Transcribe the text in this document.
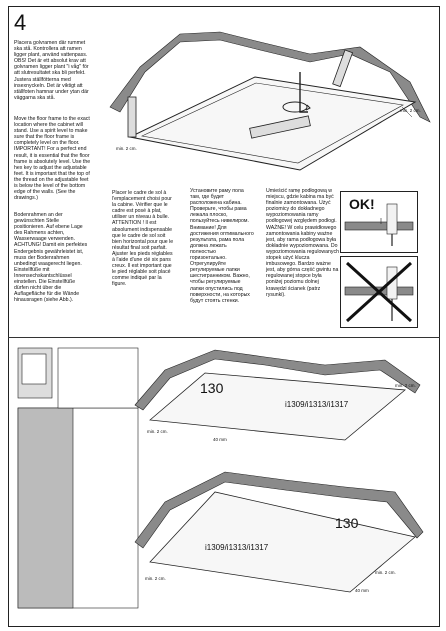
4
Placera golvramen där rummet
ska stå. Kontrollera att ramen
ligger plant, använd vattenpass.
OBS! Det är ett absolut krav att
golvramen ligger plant "i våg" för
att slutresultatet ska bli perfekt.
Justera ställfötterna med
insexnyckeln. Det är viktigt att
ställfoten hamnar under ytan där
väggarna ska stå.
Move the floor frame to the exact
location where the cabinet will
stand. Use a spirit level to make
sure that the floor frame is
completely level on the floor.
IMPORTANT! For a perfect end
result, it is essential that the floor
frame is absolutely level. Use the
hex key to adjust the adjustable
feet. It is important that the top of
the thread on the adjustable feet
is below the level of the bottom
edge of the walls. (See the
drawings.)
Bodenrahmen an der
gewünschten Stelle
positionieren. Auf ebene Lage
des Rahmens achten,
Wasserwaage verwenden.
ACHTUNG! Damit ein perfektes
Endergebnis gewährleistet ist,
muss der Bodenrahmen
unbedingt waagerecht liegen.
Einstellfüße mit
Innensechskantschlüssel
einstellen. Die Einstellfüße
dürfen nicht über die
Auflagefläche für die Wände
hinausragen (siehe Abb.).
Placer le cadre de sol à
l'emplacement choisi pour
la cabine. Vérifier que le
cadre est posé à plat,
utiliser un niveau à bulle.
ATTENTION ! Il est
absolument indispensable
que le cadre de sol soit
bien horizontal pour que le
résultat final soit parfait.
Ajuster les pieds réglables
à l'aide d'une clé six pans
creux. Il est important que
le pied réglable soit placé
comme indiqué par la
figure.
Установите раму пола
там, где будет
расположена кабина.
Проверьте, чтобы рама
лежала плоско,
пользуйтесь нивелиром.
Внимание! Для
достижения оптимального
результата, рама пола
должна лежать
полностью
горизонтально.
Отрегулируйте
регулируемые лапки
шестигранником. Важно,
чтобы регулируемые
лапки опустились под
поверхности, на которых
будут стоять стенки.
Umieścić ramę podłogową w
miejscu, gdzie kabina ma być
finalnie zamontowana. Użyć
poziomicy do dokładnego
wypoziomowania ramy
podłogowej względem podłogi.
WAŻNE! W celu prawidłowego
zamontowania kabiny ważne
jest, aby rama podłogowa była
dokładnie wypoziomowana. Do
wypoziomowania regulowanych
stopek użyć klucza
imbusowego. Bardzo ważne
jest, aby górna część gwintu na
regulowanej stopce była
poniżej poziomu dolnej
krawędzi ścianek (patrz
rysunki).
min. 2 cm.
min. 2 cm.
OK!
130
i1309/i1313/i1317
min. 2 cm.
min. 2 cm.
40 mm
130
i1309/i1313/i1317
min. 2 cm.
min. 2 cm.
40 mm
